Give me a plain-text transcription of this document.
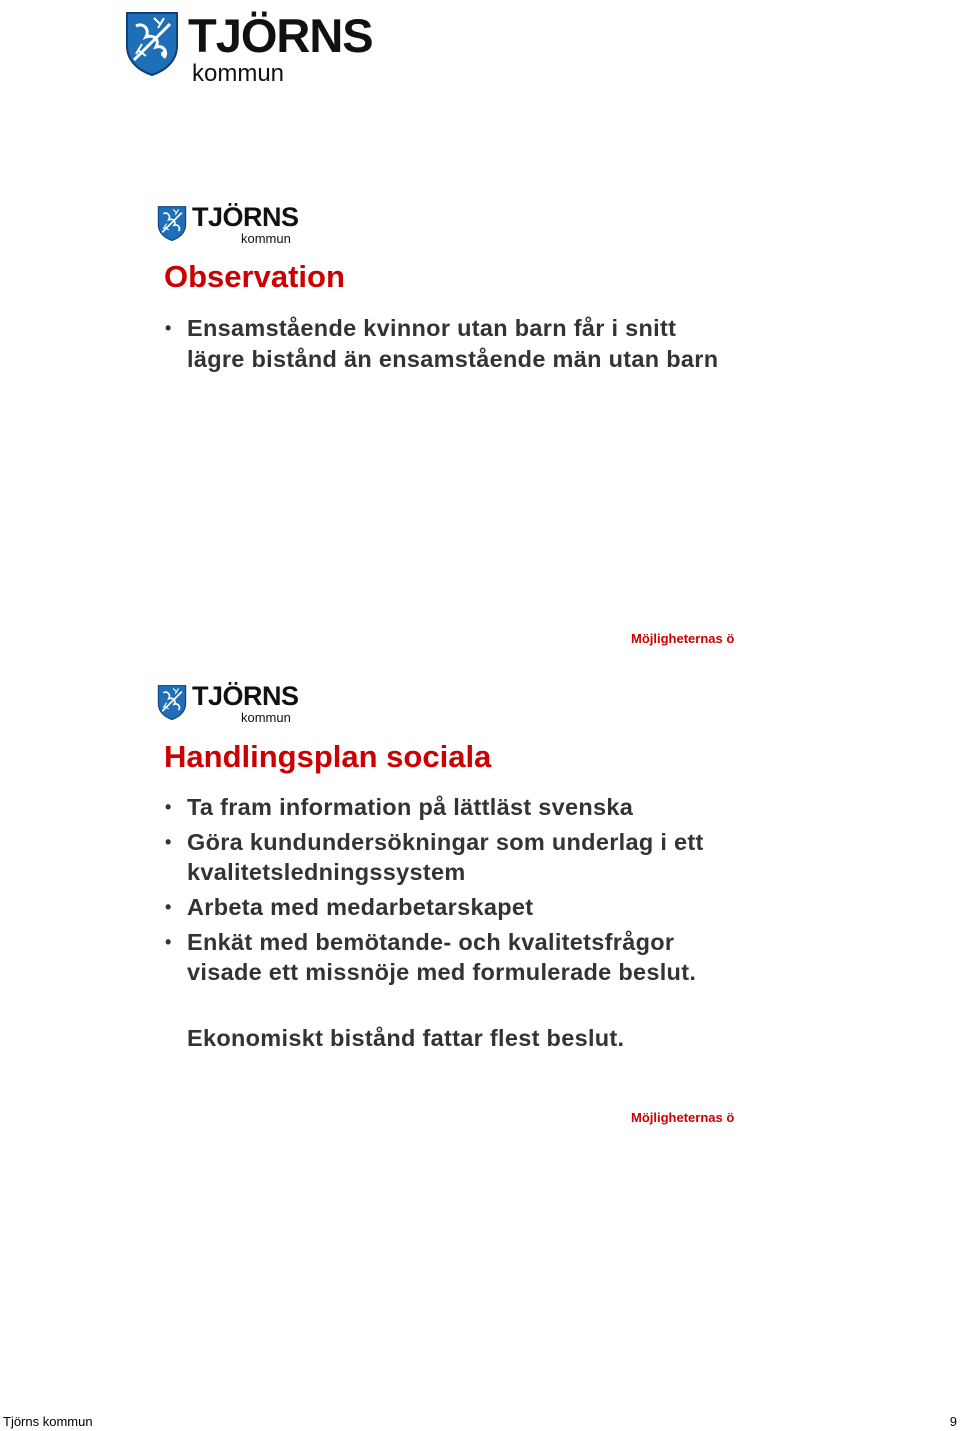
TJÖRNS
kommun
TJÖRNS
kommun
Observation
• Ensamstående kvinnor utan barn får i snitt lägre bistånd än ensamstående män utan barn
Möjligheternas ö
TJÖRNS
kommun
Handlingsplan sociala
• Ta fram information på lättläst svenska
• Göra kundundersökningar som underlag i ett kvalitetsledningssystem
• Arbeta med medarbetarskapet
• Enkät med bemötande- och kvalitetsfrågor visade ett missnöje med formulerade beslut.

Ekonomiskt bistånd fattar flest beslut.

Möjligheternas ö
Tjörns kommun	9
